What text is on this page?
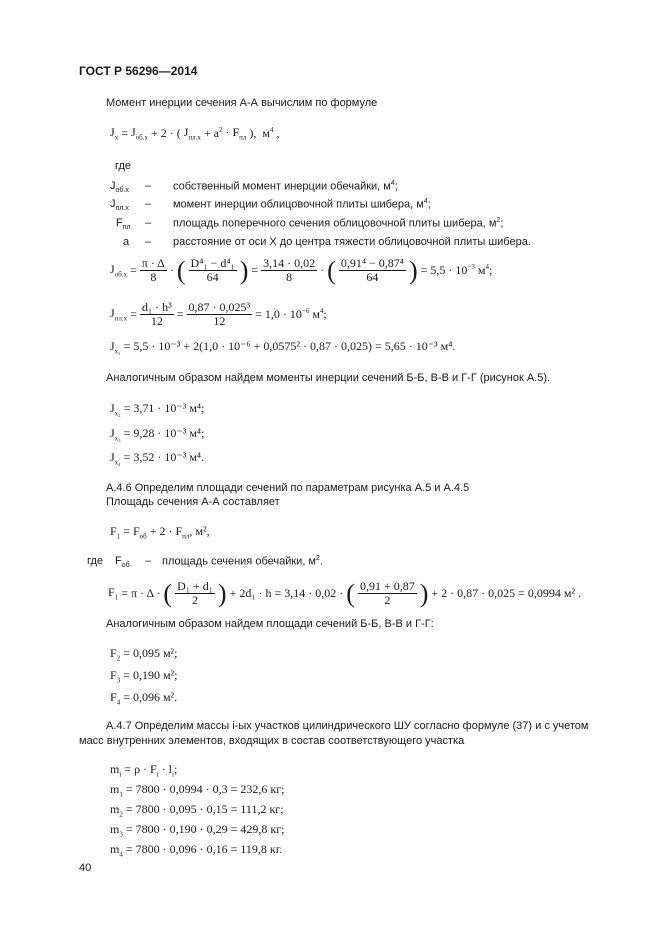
ГОСТ Р 56296—2014
Момент инерции сечения А-А вычислим по формуле
$J_x = J_{об.х} + 2$ · ( $J_{пл.х} + a^2 \cdot F_{пл}$ ), $м^4$ ,
где
$J_{об.х}$ – собственный момент инерции обечайки, $м^4$;
$J_{пл.х}$ – момент инерции облицовочной плиты шибера, $м^4$;
$F_{пл}$ – площадь поперечного сечения облицовочной плиты шибера, $м^2$;
a – расстояние от оси X до центра тяжести облицовочной плиты шибера.
$J_{об.х} = \frac{\pi \cdot \Delta}{8}$ · ( $\frac{\text{D⁴₁ − d⁴₁}}{64}$ ) = $\frac{3,14 \cdot 0,02}{8}$ · ( $\frac{\text{0,91⁴ − 0,87⁴}}{64}$ ) = $5,5 \cdot 10^{-3}$ $м^4$;
$J_{пл.х} = \frac{\text{d₁ · h³}}{12} = \frac{\text{0,87 · 0,025³}}{12} = 1,0 \cdot 10^{-6}$ $м^4$;
$J_{x_1} = 5,5 \cdot 10^{-3} + 2(1,0 \cdot 10^{-6} + 0,0575^2 \cdot 0,87 \cdot 0,025) = 5,65 \cdot 10^{-3}$ м⁴.
Аналогичным образом найдем моменты инерции сечений Б-Б, В-В и Г-Г (рисунок А.5).
$J_{x_2} = 3,71 \cdot 10^{-3}$ м⁴;
$J_{x_3} = 9,28 \cdot 10^{-3}$ м⁴;
$J_{x_4} = 3,52 \cdot 10^{-3}$ м⁴.
А.4.6 Определим площади сечений по параметрам рисунка А.5 и А.4.5
Площадь сечения А-А составляет
$F_1 = F_{об} + 2 \cdot F_{пл}$, м²,
где $F_{об}$ – площадь сечения обечайки, $м^2$.
$F_1 = \pi \cdot \Delta$ · ( $\frac{\text{D₁ + d₁}}{2}$ ) + 2d₁ · h = 3,14 · 0,02 · ( $\frac{0,91 + 0,87}{2}$ ) + 2 · 0,87 · 0,025 = 0,0994 м² .
Аналогичным образом найдем площади сечений Б-Б, В-В и Г-Г:
$F_2 = 0,095$ м²;
$F_3 = 0,190$ м²;
$F_4 = 0,096$ м².
А.4.7 Определим массы i-ых участков цилиндрического ШУ согласно формуле (37) и с учетом
масс внутренних элементов, входящих в состав соответствующего участка
$m_i = \rho \cdot F_i \cdot l_i$;
$m_1 = 7800 \cdot 0,0994 \cdot 0,3 = 232,6$ кг;
$m_2 = 7800 \cdot 0,095 \cdot 0,15 = 111,2$ кг;
$m_3 = 7800 \cdot 0,190 \cdot 0,29 = 429,8$ кг;
$m_4 = 7800 \cdot 0,096 \cdot 0,16 = 119,8$ кг.
40
